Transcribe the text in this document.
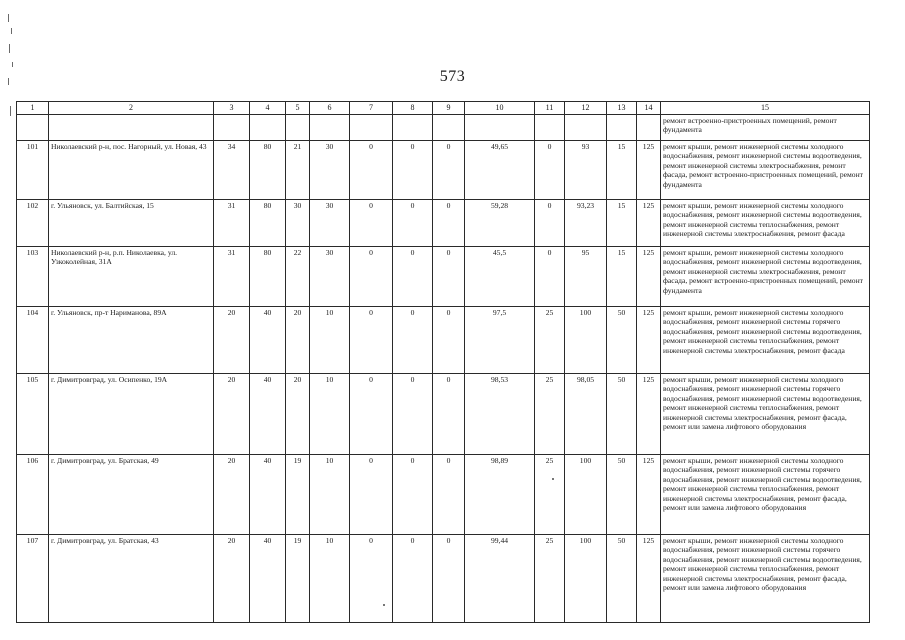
573
1	2	3	4	5	6	7	8	9	10	11	12	13	14	15
														ремонт встроенно-пристроенных помещений, ремонт фундамента
101	Николаевский р-н, пос. Нагорный, ул. Новая, 43	34	80	21	30	0	0	0	49,65	0	93	15	125	ремонт крыши, ремонт инженерной системы холодного водоснабжения, ремонт инженерной системы водоотведения, ремонт инженерной системы электроснабжения, ремонт фасада, ремонт встроенно-пристроенных помещений, ремонт фундамента
102	г. Ульяновск, ул. Балтийская, 15	31	80	30	30	0	0	0	59,28	0	93,23	15	125	ремонт крыши, ремонт инженерной системы холодного водоснабжения, ремонт инженерной системы водоотведения, ремонт инженерной системы теплоснабжения, ремонт инженерной системы электроснабжения, ремонт фасада
103	Николаевский р-н, р.п. Николаевка, ул. Узкоколейная, 31А	31	80	22	30	0	0	0	45,5	0	95	15	125	ремонт крыши, ремонт инженерной системы холодного водоснабжения, ремонт инженерной системы водоотведения, ремонт инженерной системы электроснабжения, ремонт фасада, ремонт встроенно-пристроенных помещений, ремонт фундамента
104	г. Ульяновск, пр-т Нариманова, 89А	20	40	20	10	0	0	0	97,5	25	100	50	125	ремонт крыши, ремонт инженерной системы холодного водоснабжения, ремонт инженерной системы горячего водоснабжения, ремонт инженерной системы водоотведения, ремонт инженерной системы теплоснабжения, ремонт инженерной системы электроснабжения, ремонт фасада
105	г. Димитровград, ул. Осипенко, 19А	20	40	20	10	0	0	0	98,53	25	98,05	50	125	ремонт крыши, ремонт инженерной системы холодного водоснабжения, ремонт инженерной системы горячего водоснабжения, ремонт инженерной системы водоотведения, ремонт инженерной системы теплоснабжения, ремонт инженерной системы электроснабжения, ремонт фасада, ремонт или замена лифтового оборудования
106	г. Димитровград, ул. Братская, 49	20	40	19	10	0	0	0	98,89	25	100	50	125	ремонт крыши, ремонт инженерной системы холодного водоснабжения, ремонт инженерной системы горячего водоснабжения, ремонт инженерной системы водоотведения, ремонт инженерной системы теплоснабжения, ремонт инженерной системы электроснабжения, ремонт фасада, ремонт или замена лифтового оборудования
107	г. Димитровград, ул. Братская, 43	20	40	19	10	0	0	0	99,44	25	100	50	125	ремонт крыши, ремонт инженерной системы холодного водоснабжения, ремонт инженерной системы горячего водоснабжения, ремонт инженерной системы водоотведения, ремонт инженерной системы теплоснабжения, ремонт инженерной системы электроснабжения, ремонт фасада, ремонт или замена лифтового оборудования
